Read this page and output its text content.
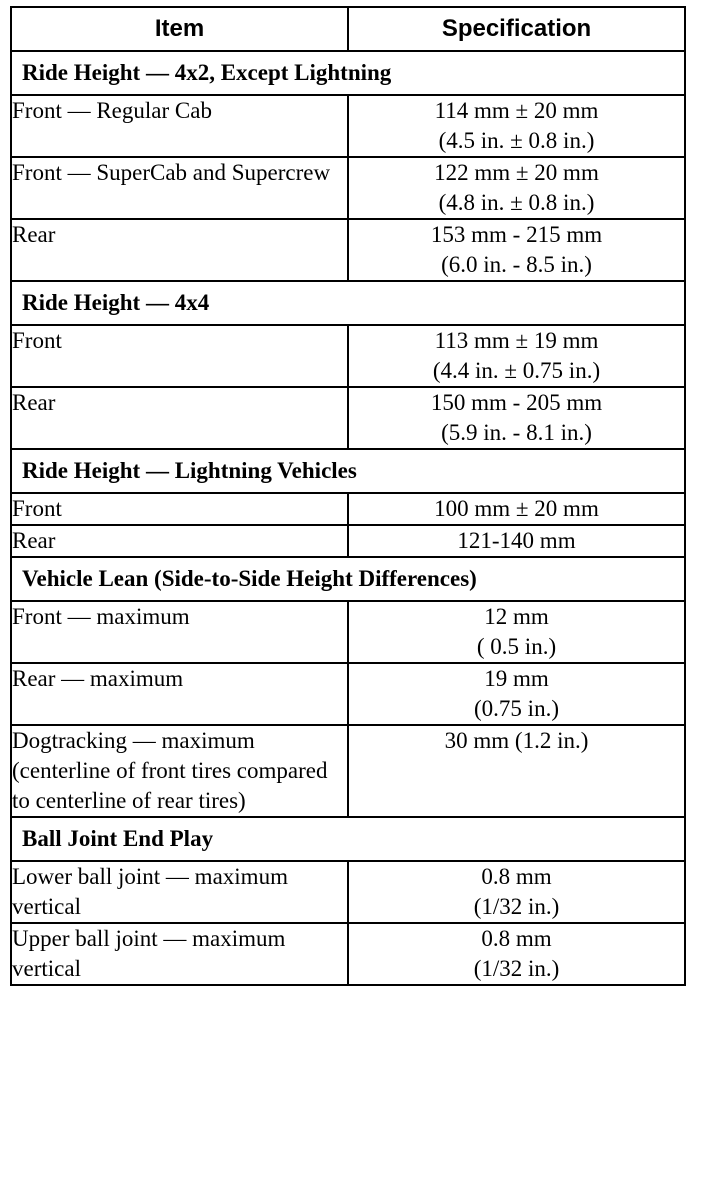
Item	Specification
Ride Height — 4x2, Except Lightning	
Front — Regular Cab	114 mm ± 20 mm
(4.5 in. ± 0.8 in.)

Front — SuperCab and Supercrew	122 mm ± 20 mm
(4.8 in. ± 0.8 in.)

Rear	153 mm - 215 mm
(6.0 in. - 8.5 in.)

Ride Height — 4x4	
Front	113 mm ± 19 mm
(4.4 in. ± 0.75 in.)

Rear	150 mm - 205 mm
(5.9 in. - 8.1 in.)

Ride Height — Lightning Vehicles	
Front	100 mm ± 20 mm

Rear	121-140 mm

Vehicle Lean (Side-to-Side Height Differences)	
Front — maximum	12 mm
( 0.5 in.)

Rear — maximum	19 mm
(0.75 in.)

Dogtracking — maximum (centerline of front tires compared to centerline of rear tires)	30 mm (1.2 in.)

Ball Joint End Play	
Lower ball joint — maximum vertical	0.8 mm
(1/32 in.)

Upper ball joint — maximum vertical	0.8 mm
(1/32 in.)
